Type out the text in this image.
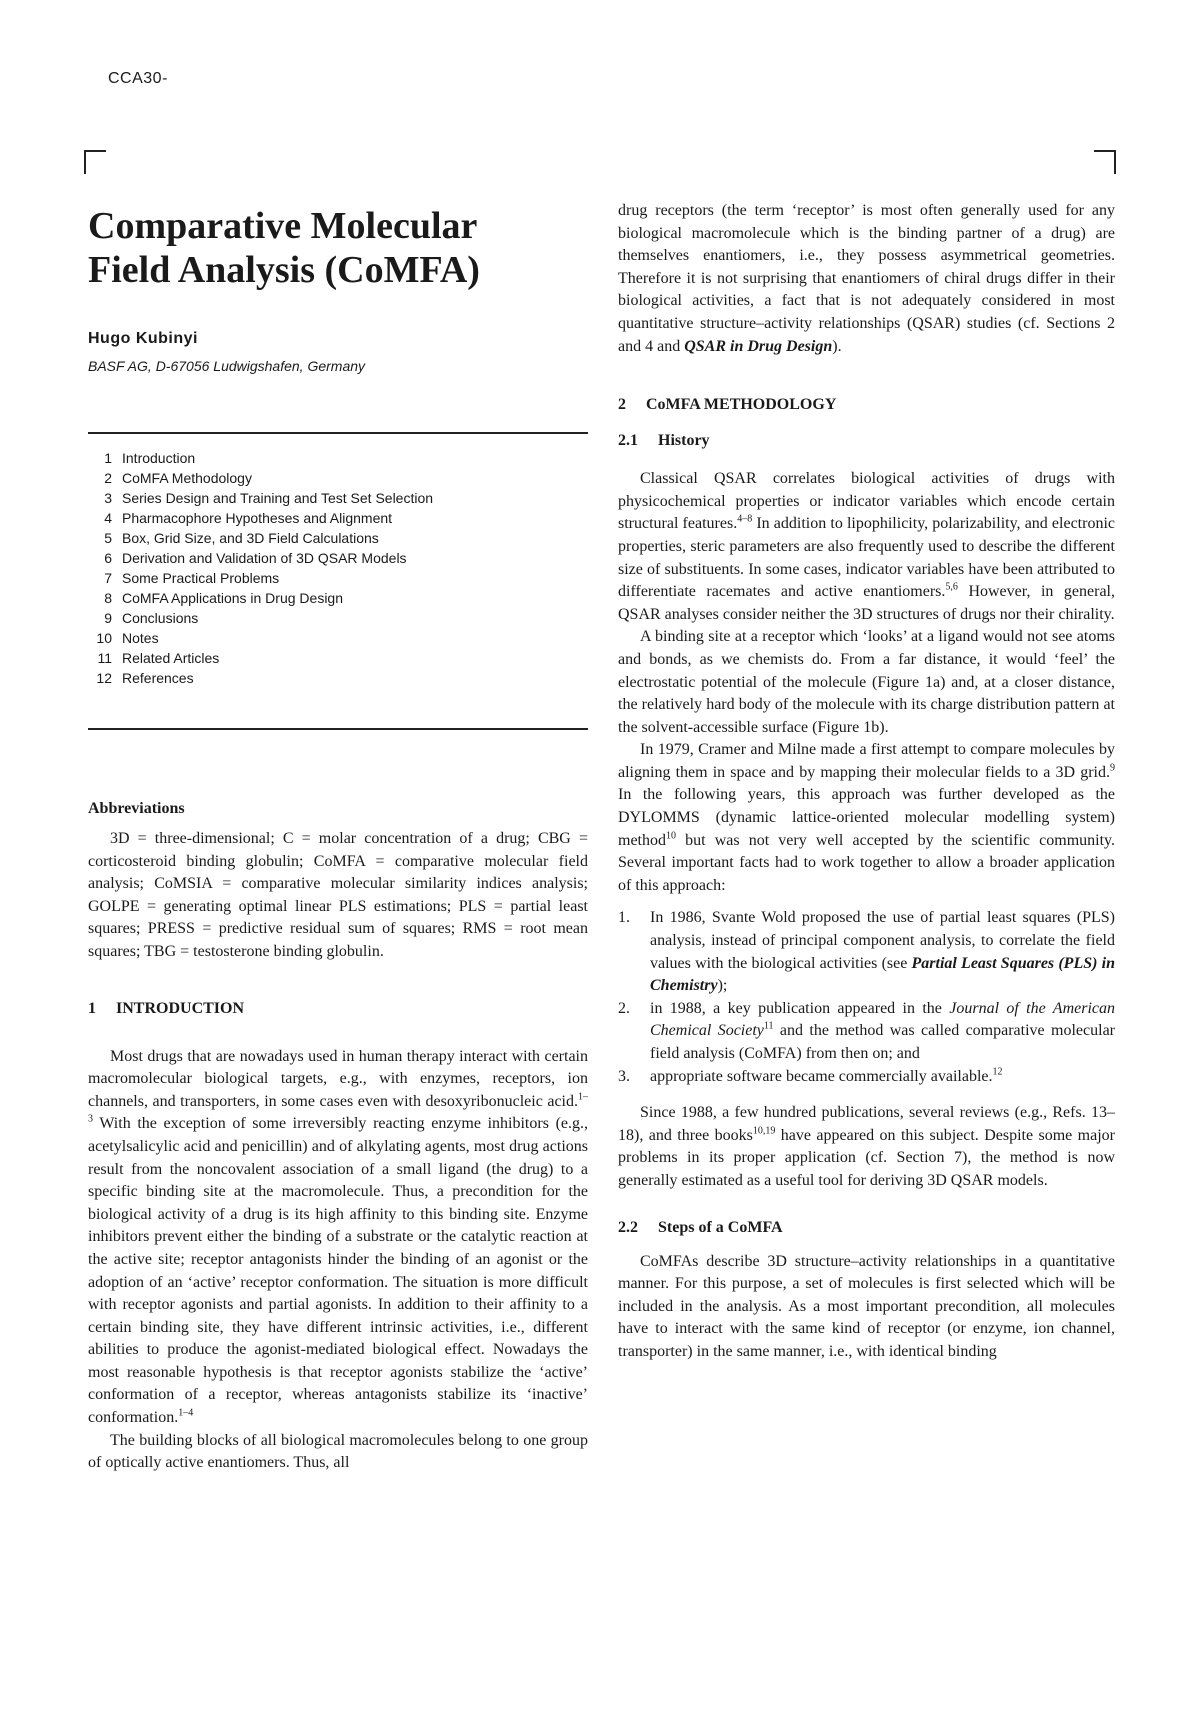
CCA30-
Comparative Molecular
Field Analysis (CoMFA)
Hugo Kubinyi
BASF AG, D-67056 Ludwigshafen, Germany
1 Introduction
2 CoMFA Methodology
3 Series Design and Training and Test Set Selection
4 Pharmacophore Hypotheses and Alignment
5 Box, Grid Size, and 3D Field Calculations
6 Derivation and Validation of 3D QSAR Models
7 Some Practical Problems
8 CoMFA Applications in Drug Design
9 Conclusions
10 Notes
11 Related Articles
12 References
Abbreviations

3D = three-dimensional; C = molar concentration of a drug; CBG = corticosteroid binding globulin; CoMFA = comparative molecular field analysis; CoMSIA = comparative molecular similarity indices analysis; GOLPE = generating optimal linear PLS estimations; PLS = partial least squares; PRESS = predictive residual sum of squares; RMS = root mean squares; TBG = testosterone binding globulin.

1	INTRODUCTION

Most drugs that are nowadays used in human therapy interact with certain macromolecular biological targets, e.g., with enzymes, receptors, ion channels, and transporters, in some cases even with desoxyribonucleic acid.$^{1-3}$ With the exception of some irreversibly reacting enzyme inhibitors (e.g., acetylsalicylic acid and penicillin) and of alkylating agents, most drug actions result from the noncovalent association of a small ligand (the drug) to a specific binding site at the macromolecule. Thus, a precondition for the biological activity of a drug is its high affinity to this binding site. Enzyme inhibitors prevent either the binding of a substrate or the catalytic reaction at the active site; receptor antagonists hinder the binding of an agonist or the adoption of an ‘active’ receptor conformation. The situation is more difficult with receptor agonists and partial agonists. In addition to their affinity to a certain binding site, they have different intrinsic activities, i.e., different abilities to produce the agonist-mediated biological effect. Nowadays the most reasonable hypothesis is that receptor agonists stabilize the ‘active’ conformation of a receptor, whereas antagonists stabilize its ‘inactive’ conformation.$^{1-4}$

The building blocks of all biological macromolecules belong to one group of optically active enantiomers. Thus, all

drug receptors (the term ‘receptor’ is most often generally used for any biological macromolecule which is the binding partner of a drug) are themselves enantiomers, i.e., they possess asymmetrical geometries. Therefore it is not surprising that enantiomers of chiral drugs differ in their biological activities, a fact that is not adequately considered in most quantitative structure–activity relationships (QSAR) studies (cf. Sections 2 and 4 and QSAR in Drug Design).

2	CoMFA METHODOLOGY
2.1	History

Classical QSAR correlates biological activities of drugs with physicochemical properties or indicator variables which encode certain structural features.$^{4-8}$ In addition to lipophilicity, polarizability, and electronic properties, steric parameters are also frequently used to describe the different size of substituents. In some cases, indicator variables have been attributed to differentiate racemates and active enantiomers.$^{5,6}$ However, in general, QSAR analyses consider neither the 3D structures of drugs nor their chirality.

A binding site at a receptor which ‘looks’ at a ligand would not see atoms and bonds, as we chemists do. From a far distance, it would ‘feel’ the electrostatic potential of the molecule (Figure 1a) and, at a closer distance, the relatively hard body of the molecule with its charge distribution pattern at the solvent-accessible surface (Figure 1b).

In 1979, Cramer and Milne made a first attempt to compare molecules by aligning them in space and by mapping their molecular fields to a 3D grid.$^9$ In the following years, this approach was further developed as the DYLOMMS (dynamic lattice-oriented molecular modelling system) method$^{10}$ but was not very well accepted by the scientific community. Several important facts had to work together to allow a broader application of this approach:

1.	In 1986, Svante Wold proposed the use of partial least squares (PLS) analysis, instead of principal component analysis, to correlate the field values with the biological activities (see Partial Least Squares (PLS) in Chemistry);
2.	in 1988, a key publication appeared in the Journal of the American Chemical Society$^{11}$ and the method was called comparative molecular field analysis (CoMFA) from then on; and
3.	appropriate software became commercially available.$^{12}$

Since 1988, a few hundred publications, several reviews (e.g., Refs. 13–18), and three books$^{10,19}$ have appeared on this subject. Despite some major problems in its proper application (cf. Section 7), the method is now generally estimated as a useful tool for deriving 3D QSAR models.

2.2	Steps of a CoMFA

CoMFAs describe 3D structure–activity relationships in a quantitative manner. For this purpose, a set of molecules is first selected which will be included in the analysis. As a most important precondition, all molecules have to interact with the same kind of receptor (or enzyme, ion channel, transporter) in the same manner, i.e., with identical binding
